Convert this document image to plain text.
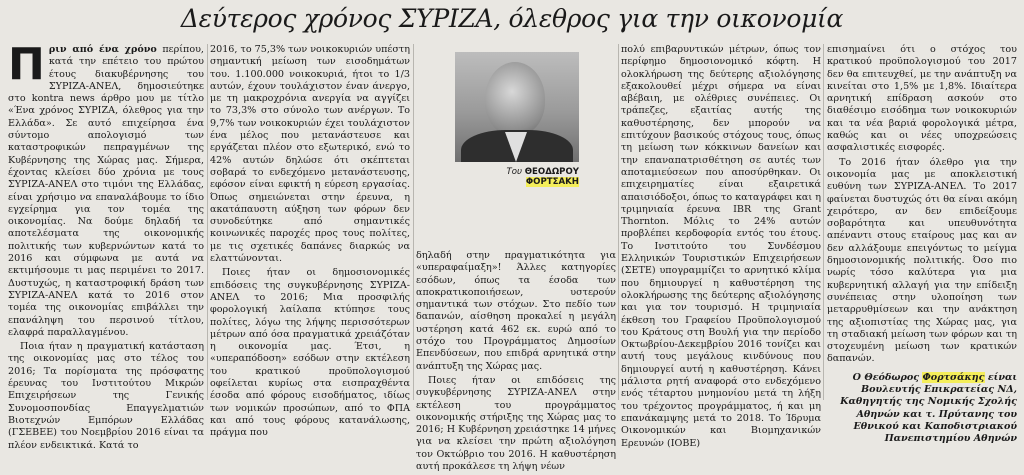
Δεύτερος χρόνος ΣΥΡΙΖΑ, όλεθρος για την οικονομία

Πριν από ένα χρόνο περίπου, κατά την επέτειο του πρώτου έτους διακυβέρνησης του ΣΥΡΙΖΑ-ΑΝΕΛ, δημοσιεύτηκε στο kontra news άρθρο μου με τίτλο «Ένα χρόνος ΣΥΡΙΖΑ, όλεθρος για την Ελλάδα». Σε αυτό επιχείρησα ένα σύντομο απολογισμό των καταστροφικών πεπραγμένων της Κυβέρνησης της Χώρας μας. Σήμερα, έχοντας κλείσει δύο χρόνια με τους ΣΥΡΙΖΑ-ΑΝΕΛ στο τιμόνι της Ελλάδας, είναι χρήσιμο να επαναλάβουμε το ίδιο εγχείρημα για τον τομέα της οικονομίας. Να δούμε δηλαδή τα αποτελέσματα της οικονομικής πολιτικής των κυβερνώντων κατά το 2016 και σύμφωνα με αυτά να εκτιμήσουμε τι μας περιμένει το 2017. Δυστυχώς, η καταστροφική δράση των ΣΥΡΙΖΑ-ΑΝΕΛ κατά το 2016 στον τομέα της οικονομίας επιβάλλει την επανάληψη του περσινού τίτλου, ελαφρά παραλλαγμένου.

Ποια ήταν η πραγματική κατάσταση της οικονομίας μας στο τέλος του 2016; Τα πορίσματα της πρόσφατης έρευνας του Ινστιτούτου Μικρών Επιχειρήσεων της Γενικής Συνομοσπονδίας Επαγγελματιών Βιοτεχνών Εμπόρων Ελλάδας (ΓΣΕΒΕΕ) του Νοεμβρίου 2016 είναι τα πλέον ενδεικτικά. Κατά το

2016, το 75,3% των νοικοκυριών υπέστη σημαντική μείωση των εισοδημάτων του. 1.100.000 νοικοκυριά, ήτοι το 1/3 αυτών, έχουν τουλάχιστον έναν άνεργο, με τη μακροχρόνια ανεργία να αγγίζει το 73,3% στο σύνολο των ανέργων. Το 9,7% των νοικοκυριών έχει τουλάχιστον ένα μέλος που μετανάστευσε και εργάζεται πλέον στο εξωτερικό, ενώ το 42% αυτών δηλώσε ότι σκέπτεται σοβαρά το ενδεχόμενο μετανάστευσης, εφόσον είναι εφικτή η εύρεση εργασίας. Όπως σημειώνεται στην έρευνα, η ακατάπαυστη αύξηση των φόρων δεν συνοδεύτηκε από σημαντικές κοινωνικές παροχές προς τους πολίτες, με τις σχετικές δαπάνες διαρκώς να ελαττώνονται.

Ποιες ήταν οι δημοσιονομικές επιδόσεις της συγκυβέρνησης ΣΥΡΙΖΑ-ΑΝΕΛ το 2016; Μια προσφιλής φορολογική λαίλαπα κτύπησε τους πολίτες, λόγω της λήψης περισσότερων μέτρων από όσα πραγματικά χρειάζόταν η οικονομία μας. Έτσι, η «υπεραπόδοση» εσόδων στην εκτέλεση του κρατικού προϋπολογισμού οφείλεται κυρίως στα εισπραχθέντα έσοδα από φόρους εισοδήματος, ιδίως των νομικών προσώπων, από το ΦΠΑ και από τους φόρους κατανάλωσης, πράγμα που

Του ΘΕΟΔΩΡΟΥ ΦΟΡΤΣΑΚΗ

δηλαδή στην πραγματικότητα για «υπεραφαίμαξη»! Άλλες κατηγορίες εσόδων, όπως τα έσοδα των αποκρατικοποιήσεων, υστερούν σημαντικά των στόχων. Στο πεδίο των δαπανών, αίσθηση προκαλεί η μεγάλη υστέρηση κατά 462 εκ. ευρώ από το στόχο του Προγράμματος Δημοσίων Επενδύσεων, που επιδρά αρνητικά στην ανάπτυξη της Χώρας μας.

Ποιες ήταν οι επιδόσεις της συγκυβέρνησης ΣΥΡΙΖΑ-ΑΝΕΛ στην εκτέλεση του προγράμματος οικονομικής στήριξης της Χώρας μας το 2016; Η Κυβέρνηση χρειάστηκε 14 μήνες για να κλείσει την πρώτη αξιολόγηση τον Οκτώβριο του 2016. Η καθυστέρηση αυτή προκάλεσε τη λήψη νέων

πολύ επιβαρυντικών μέτρων, όπως τον περίφημο δημοσιονομικό κόφτη. Η ολοκλήρωση της δεύτερης αξιολόγησης εξακολουθεί μέχρι σήμερα να είναι αβέβαιη, με ολέθριες συνέπειες. Οι τράπεζες, εξαιτίας αυτής της καθυστέρησης, δεν μπορούν να επιτύχουν βασικούς στόχους τους, όπως τη μείωση των κόκκινων δανείων και την επαναπατρισθέτηση σε αυτές των αποταμιεύσεων που αποσύρθηκαν. Οι επιχειρηματίες είναι εξαιρετικά απαισιόδοξοι, όπως το καταγράφει και η τριμηνιαία έρευνα IBR της Grant Thornton. Μόλις το 24% αυτών προβλέπει κερδοφορία εντός του έτους. Το Ινστιτούτο του Συνδέσμου Ελληνικών Τουριστικών Επιχειρήσεων (ΣΕΤΕ) υπογραμμίζει το αρνητικό κλίμα που δημιουργεί η καθυστέρηση της ολοκλήρωσης της δεύτερης αξιολόγησης και για τον τουρισμό. Η τριμηνιαία έκθεση του Γραφείου Προϋπολογισμού του Κράτους στη Βουλή για την περίοδο Οκτωβρίου-Δεκεμβρίου 2016 τονίζει και αυτή τους μεγάλους κινδύνους που δημιουργεί αυτή η καθυστέρηση. Κάνει μάλιστα ρητή αναφορά στο ενδεχόμενο ενός τέταρτου μνημονίου μετά τη λήξη του τρέχοντος προγράμματος, ή και μη επανάκαμψης μετά το 2018. Το Ίδρυμα Οικονομικών και Βιομηχανικών Ερευνών (ΙΟΒΕ)

επισημαίνει ότι ο στόχος του κρατικού προϋπολογισμού του 2017 δεν θα επιτευχθεί, με την ανάπτυξη να κινείται στο 1,5% με 1,8%. Ιδιαίτερα αρνητική επίδραση ασκούν στο διαθέσιμο εισόδημα των νοικοκυριών και τα νέα βαριά φορολογικά μέτρα, καθώς και οι νέες υποχρεώσεις ασφαλιστικές εισφορές.

Το 2016 ήταν όλεθρο για την οικονομία μας με αποκλειστική ευθύνη των ΣΥΡΙΖΑ-ΑΝΕΛ. Το 2017 φαίνεται δυστυχώς ότι θα είναι ακόμη χειρότερο, αν δεν επιδείξουμε σοβαρότητα και υπευθυνότητα απέναντι στους εταίρους μας και αν δεν αλλάξουμε επειγόντως το μείγμα δημοσιονομικής πολιτικής. Όσο πιο νωρίς τόσο καλύτερα για μια κυβερνητική αλλαγή για την επίδειξη συνέπειας στην υλοποίηση των μεταρρυθμίσεων και την ανάκτηση της αξιοπιστίας της Χώρας μας, για τη σταδιακή μείωση των φόρων και τη στοχευμένη μείωση των κρατικών δαπανών.

Ο Θεόδωρος Φορτσάκης είναι Βουλευτής Επικρατείας ΝΔ, Καθηγητής της Νομικής Σχολής Αθηνών και τ. Πρύτανης του Εθνικού και Καποδιστριακού Πανεπιστημίου Αθηνών
